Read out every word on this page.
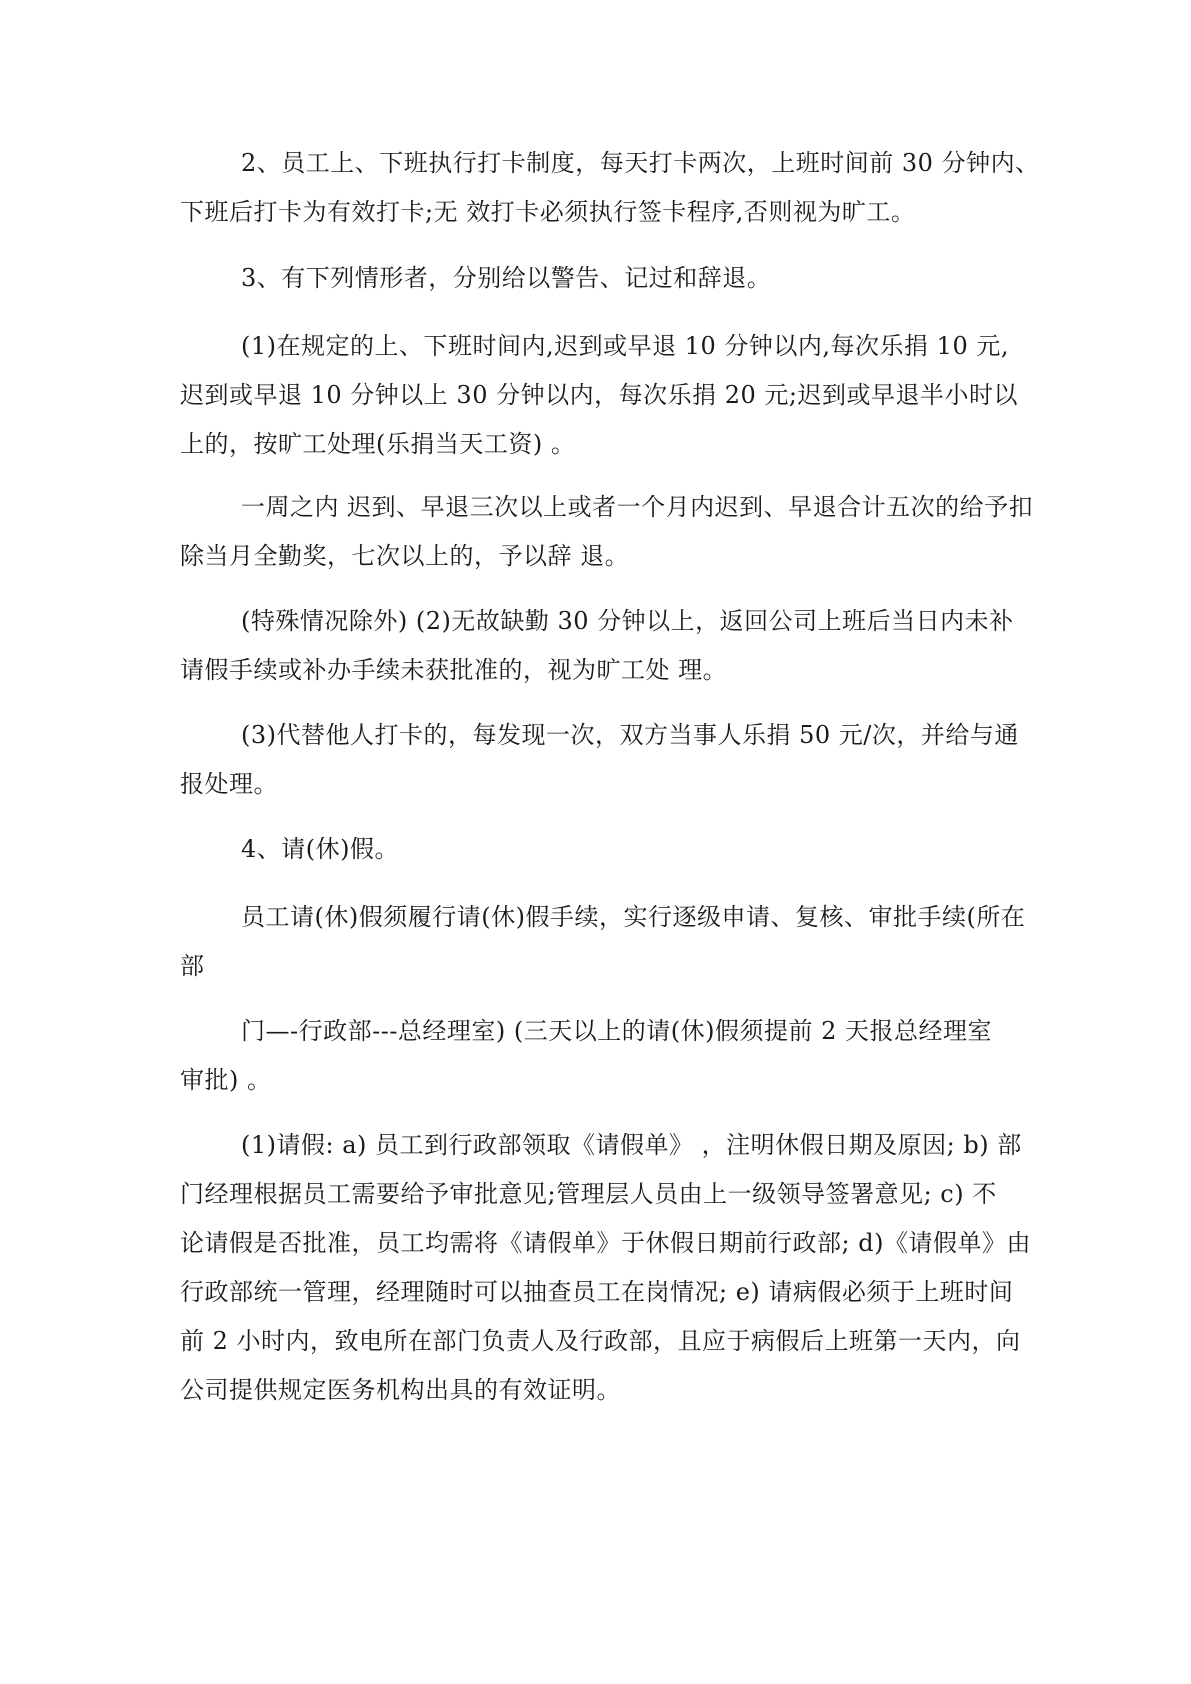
2、员工上、下班执行打卡制度，每天打卡两次，上班时间前 30 分钟内、
下班后打卡为有效打卡;无 效打卡必须执行签卡程序,否则视为旷工。
3、有下列情形者，分别给以警告、记过和辞退。
(1)在规定的上、下班时间内,迟到或早退 10 分钟以内,每次乐捐 10 元,
迟到或早退 10 分钟以上 30 分钟以内，每次乐捐 20 元;迟到或早退半小时以
上的，按旷工处理(乐捐当天工资) 。
一周之内 迟到、早退三次以上或者一个月内迟到、早退合计五次的给予扣
除当月全勤奖，七次以上的，予以辞 退。
(特殊情况除外) (2)无故缺勤 30 分钟以上，返回公司上班后当日内未补
请假手续或补办手续未获批准的，视为旷工处 理。
(3)代替他人打卡的，每发现一次，双方当事人乐捐 50 元/次，并给与通
报处理。
4、请(休)假。
员工请(休)假须履行请(休)假手续，实行逐级申请、复核、审批手续(所在
部
门—-行政部---总经理室) (三天以上的请(休)假须提前 2 天报总经理室
审批) 。
(1)请假: a) 员工到行政部领取《请假单》 ，注明休假日期及原因; b) 部
门经理根据员工需要给予审批意见;管理层人员由上一级领导签署意见; c) 不
论请假是否批准，员工均需将《请假单》于休假日期前行政部; d)《请假单》由
行政部统一管理，经理随时可以抽查员工在岗情况; e) 请病假必须于上班时间
前 2 小时内，致电所在部门负责人及行政部，且应于病假后上班第一天内，向
公司提供规定医务机构出具的有效证明。
